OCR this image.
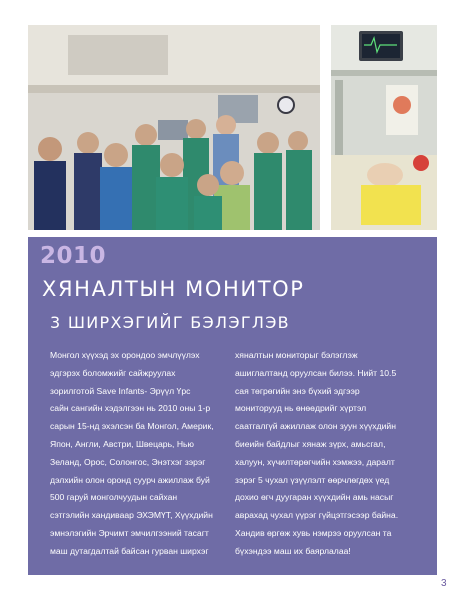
2010
ХЯНАЛТЫН МОНИТОР
3 ШИРХЭГИЙГ БЭЛЭГЛЭВ
Монгол хүүхэд эх орондоо эмчлүүлэх
эдгэрэх боломжийг сайжруулах
зорилготой Save Infants- Эрүүл Үрс
сайн сангийн хэдэлгээн нь 2010 оны 1-р
сарын 15-нд эхэлсэн ба Монгол, Америк,
Япон, Англи, Австри, Швецарь, Нью
Зеланд, Орос, Солонгос, Энэтхэг зэрэг
дэлхийн олон оронд суурч ажиллаж буй
500 гаруй монголчуудын сайхан
сэтгэлийн хандиваар ЭХЭМҮТ, Хүүхдийн
эмнэлэгийн Эрчимт эмчилгээний тасагт
маш дутагдалтай байсан гурван ширхэг
хяналтын мониторыг бэлэглэж
ашиглалтанд оруулсан билээ. Нийт 10.5
сая төгрөгийн энэ бүхий эдгээр
мониторууд нь өнөөдрийг хүртэл
саатгалгүй ажиллаж олон зуун хүүхдийн
биеийн байдлыг хянаж зүрх, амьсгал,
халуун, хүчилтөрөгчийн хэмжээ, даралт
зэрэг 5 чухал үзүүлэлт өөрчлөгдөх үед
дохио өгч дуугаран хүүхдийн амь насыг
аврахад чухал үүрэг гүйцэтгэсээр байна.
Хандив өргөж хувь нэмрээ оруулсан та
бүхэндээ маш их баярлалаа!
3
